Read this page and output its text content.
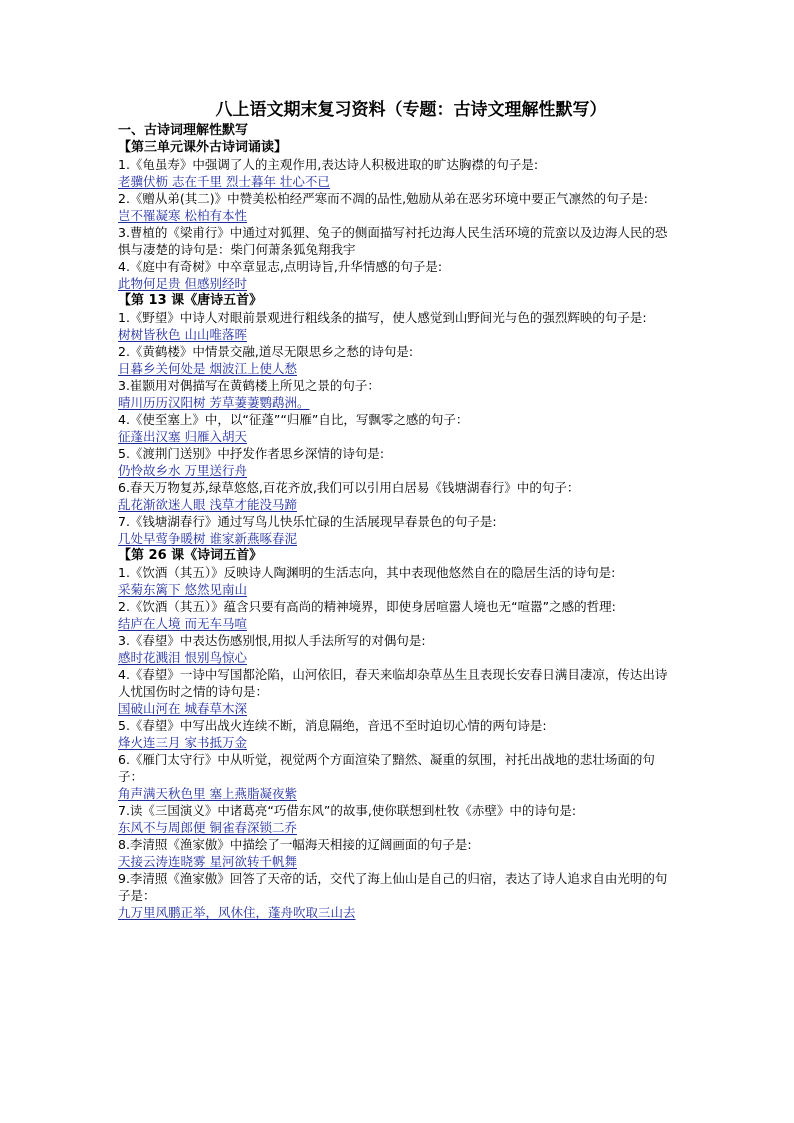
八上语文期末复习资料（专题：古诗文理解性默写）
一、古诗词理解性默写
【第三单元课外古诗词诵读】
1.《龟虽寿》中强调了人的主观作用,表达诗人积极进取的旷达胸襟的句子是:
老骥伏枥 志在千里 烈士暮年 壮心不已
2.《赠从弟(其二)》中赞美松柏经严寒而不凋的品性,勉励从弟在恶劣环境中要正气凛然的句子是:
岂不罹凝寒 松柏有本性
3.曹植的《梁甫行》中通过对狐狸、兔子的侧面描写衬托边海人民生活环境的荒蛮以及边海人民的恐惧与凄楚的诗句是：柴门何萧条狐兔翔我宇
4.《庭中有奇树》中卒章显志,点明诗旨,升华情感的句子是:
此物何足贵 但感别经时
【第 13 课《唐诗五首》
1.《野望》中诗人对眼前景观进行粗线条的描写，使人感觉到山野间光与色的强烈辉映的句子是:
树树皆秋色 山山唯落晖
2.《黄鹤楼》中情景交融,道尽无限思乡之愁的诗句是:
日暮乡关何处是 烟波江上使人愁
3.崔颢用对偶描写在黄鹤楼上所见之景的句子：
晴川历历汉阳树 芳草萋萋鹦鹉洲。
4.《使至塞上》中，以“征蓬”“归雁”自比，写飘零之感的句子：
征蓬出汉塞 归雁入胡天
5.《渡荆门送别》中抒发作者思乡深情的诗句是:
仍怜故乡水 万里送行舟
6.春天万物复苏,绿草悠悠,百花齐放,我们可以引用白居易《钱塘湖春行》中的句子：
乱花渐欲迷人眼 浅草才能没马蹄
7.《钱塘湖春行》通过写鸟儿快乐忙碌的生活展现早春景色的句子是:
几处早莺争暖树 谁家新燕啄春泥
【第 26 课《诗词五首》
1.《饮酒（其五）》反映诗人陶渊明的生活志向，其中表现他悠然自在的隐居生活的诗句是:
采菊东篱下 悠然见南山
2.《饮酒（其五）》蕴含只要有高尚的精神境界，即使身居喧嚣人境也无“喧嚣”之感的哲理:
结庐在人境 而无车马喧
3.《春望》中表达伤感别恨,用拟人手法所写的对偶句是:
感时花溅泪 恨别鸟惊心
4.《春望》一诗中写国都沦陷，山河依旧，春天来临却杂草丛生且表现长安春日满目凄凉，传达出诗人忧国伤时之情的诗句是：
国破山河在 城春草木深
5.《春望》中写出战火连续不断，消息隔绝，音迅不至时迫切心情的两句诗是:
烽火连三月 家书抵万金
6.《雁门太守行》中从听觉，视觉两个方面渲染了黯然、凝重的氛围，衬托出战地的悲壮场面的句子：
角声满天秋色里 塞上燕脂凝夜紫
7.读《三国演义》中诸葛亮“巧借东风”的故事,使你联想到杜牧《赤壁》中的诗句是:
东风不与周郎便 铜雀春深锁二乔
8.李清照《渔家傲》中描绘了一幅海天相接的辽阔画面的句子是:
天接云涛连晓雾 星河欲转千帆舞
9.李清照《渔家傲》回答了天帝的话，交代了海上仙山是自己的归宿，表达了诗人追求自由光明的句子是：
九万里风鹏正举，风休住，蓬舟吹取三山去
